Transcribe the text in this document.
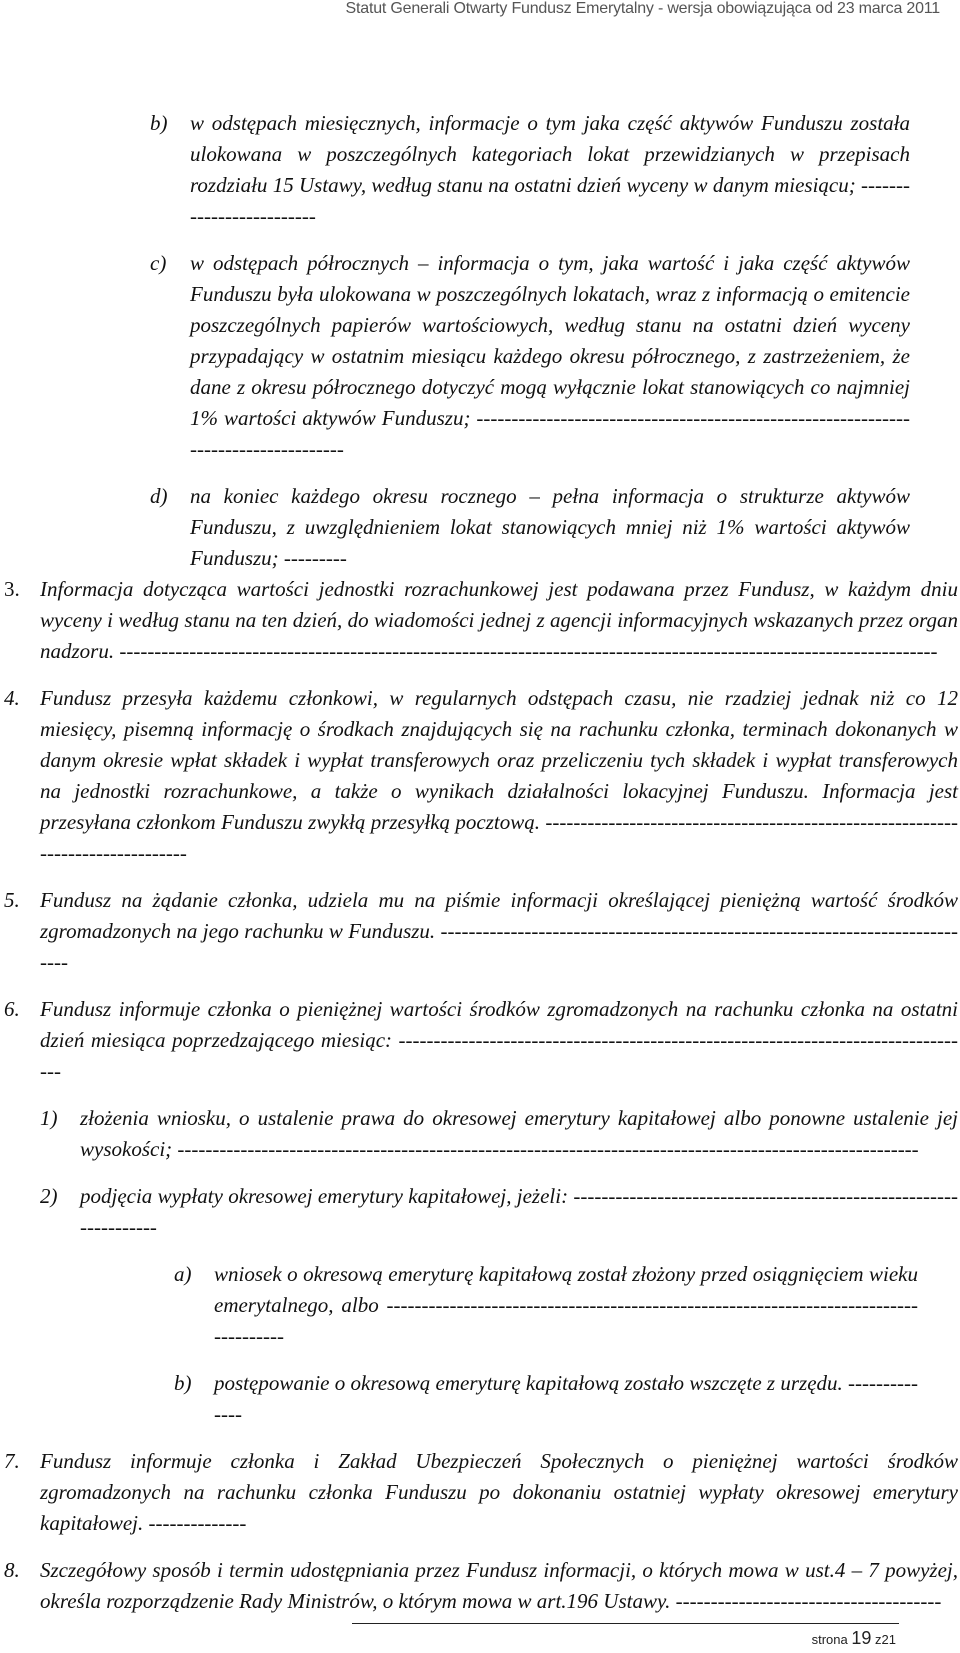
Statut Generali Otwarty Fundusz Emerytalny - wersja obowiązująca od 23 marca 2011
b) w odstępach miesięcznych, informacje o tym jaka część aktywów Funduszu została ulokowana w poszczególnych kategoriach lokat przewidzianych w przepisach rozdziału 15 Ustawy, według stanu na ostatni dzień wyceny w danym miesiącu; -------------------------
c) w odstępach półrocznych – informacja o tym, jaka wartość i jaka część aktywów Funduszu była ulokowana w poszczególnych lokatach, wraz z informacją o emitencie poszczególnych papierów wartościowych, według stanu na ostatni dzień wyceny przypadający w ostatnim miesiącu każdego okresu półrocznego, z zastrzeżeniem, że dane z okresu półrocznego dotyczyć mogą wyłącznie lokat stanowiących co najmniej 1% wartości aktywów Funduszu; ------------------------------------------------------------------------------------
d) na koniec każdego okresu rocznego – pełna informacja o strukturze aktywów Funduszu, z uwzględnieniem lokat stanowiących mniej niż 1% wartości aktywów Funduszu; ---------
3. Informacja dotycząca wartości jednostki rozrachunkowej jest podawana przez Fundusz, w każdym dniu wyceny i według stanu na ten dzień, do wiadomości jednej z agencji informacyjnych wskazanych przez organ nadzoru. ---------------------------------------------------------------------------------------------------------------------
4. Fundusz przesyła każdemu członkowi, w regularnych odstępach czasu, nie rzadziej jednak niż co 12 miesięcy, pisemną informację o środkach znajdujących się na rachunku członka, terminach dokonanych w danym okresie wpłat składek i wypłat transferowych oraz przeliczeniu tych składek i wypłat transferowych na jednostki rozrachunkowe, a także o wynikach działalności lokacyjnej Funduszu. Informacja jest przesyłana członkom Funduszu zwykłą przesyłką pocztową. --------------------------------------------------------------------------------
5. Fundusz na żądanie członka, udziela mu na piśmie informacji określającej pieniężną wartość środków zgromadzonych na jego rachunku w Funduszu. ------------------------------------------------------------------------------
6. Fundusz informuje członka o pieniężnej wartości środków zgromadzonych na rachunku członka na ostatni dzień miesiąca poprzedzającego miesiąc: -----------------------------------------------------------------------------------
1) złożenia wniosku, o ustalenie prawa do okresowej emerytury kapitałowej albo ponowne ustalenie jej wysokości; ----------------------------------------------------------------------------------------------------------
2) podjęcia wypłaty okresowej emerytury kapitałowej, jeżeli: ------------------------------------------------------------------
a) wniosek o okresową emeryturę kapitałową został złożony przed osiągnięciem wieku emerytalnego, albo --------------------------------------------------------------------------------------
b) postępowanie o okresową emeryturę kapitałową zostało wszczęte z urzędu. --------------
7. Fundusz informuje członka i Zakład Ubezpieczeń Społecznych o pieniężnej wartości środków zgromadzonych na rachunku członka Funduszu po dokonaniu ostatniej wypłaty okresowej emerytury kapitałowej. --------------
8. Szczegółowy sposób i termin udostępniania przez Fundusz informacji, o których mowa w ust.4 – 7 powyżej, określa rozporządzenie Rady Ministrów, o którym mowa w art.196 Ustawy. --------------------------------------
strona 19 z21
